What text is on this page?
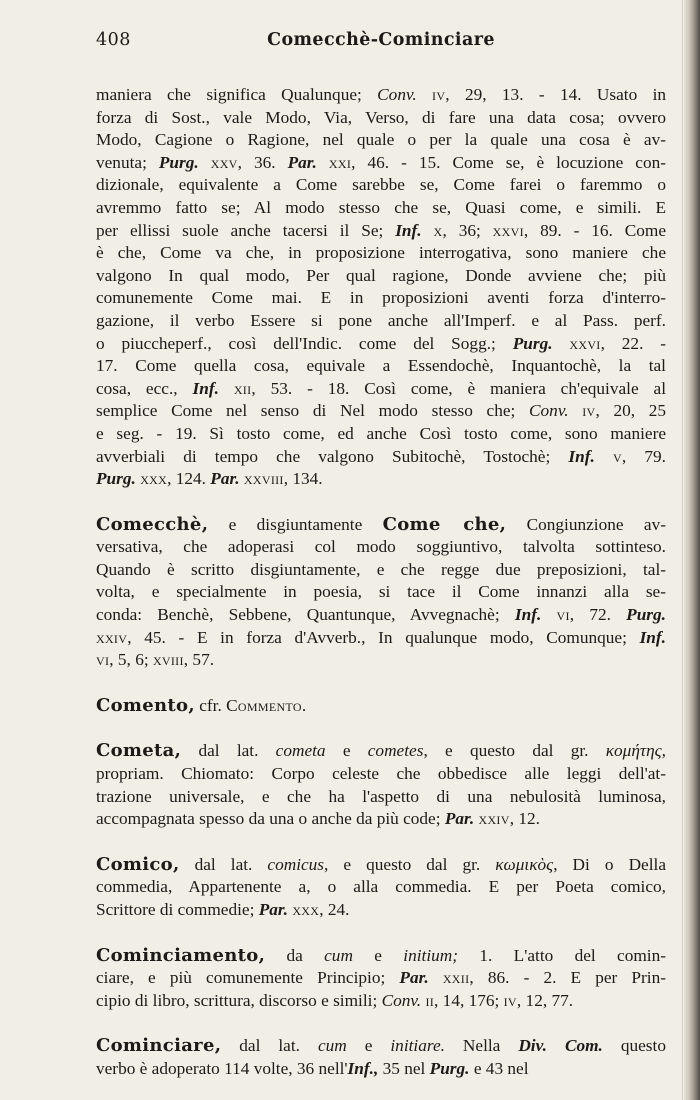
408	Comecchè-Cominciare
maniera che significa Qualunque; Conv. iv, 29, 13. - 14. Usato in
forza di Sost., vale Modo, Via, Verso, di fare una data cosa; ovvero
Modo, Cagione o Ragione, nel quale o per la quale una cosa è av-
venuta; Purg. xxv, 36. Par. xxi, 46. - 15. Come se, è locuzione con-
dizionale, equivalente a Come sarebbe se, Come farei o faremmo o
avremmo fatto se; Al modo stesso che se, Quasi come, e simili. E
per ellissi suole anche tacersi il Se; Inf. x, 36; xxvi, 89. - 16. Come
è che, Come va che, in proposizione interrogativa, sono maniere che
valgono In qual modo, Per qual ragione, Donde avviene che; più
comunemente Come mai. E in proposizioni aventi forza d'interro-
gazione, il verbo Essere si pone anche all'Imperf. e al Pass. perf.
o piuccheperf., così dell'Indic. come del Sogg.; Purg. xxvi, 22. -
17. Come quella cosa, equivale a Essendochè, Inquantochè, la tal
cosa, ecc., Inf. xii, 53. - 18. Così come, è maniera ch'equivale al
semplice Come nel senso di Nel modo stesso che; Conv. iv, 20, 25
e seg. - 19. Sì tosto come, ed anche Così tosto come, sono maniere
avverbiali di tempo che valgono Subitochè, Tostochè; Inf. v, 79.
Purg. xxx, 124. Par. xxviii, 134.
Comecchè, e disgiuntamente Come che, Congiunzione av-
versativa, che adoperasi col modo soggiuntivo, talvolta sottinteso.
Quando è scritto disgiuntamente, e che regge due preposizioni, tal-
volta, e specialmente in poesia, si tace il Come innanzi alla se-
conda: Benchè, Sebbene, Quantunque, Avvegnachè; Inf. vi, 72. Purg.
xxiv, 45. - E in forza d'Avverb., In qualunque modo, Comunque; Inf.
vi, 5, 6; xviii, 57.
Comento, cfr. Commento.
Cometa, dal lat. cometa e cometes, e questo dal gr. κομήτης,
propriam. Chiomato: Corpo celeste che obbedisce alle leggi dell'at-
trazione universale, e che ha l'aspetto di una nebulosità luminosa,
accompagnata spesso da una o anche da più code; Par. xxiv, 12.
Comico, dal lat. comicus, e questo dal gr. κωμικὸς, Di o Della
commedia, Appartenente a, o alla commedia. E per Poeta comico,
Scrittore di commedie; Par. xxx, 24.
Cominciamento, da cum e initium; 1. L'atto del comin-
ciare, e più comunemente Principio; Par. xxii, 86. - 2. E per Prin-
cipio di libro, scrittura, discorso e simili; Conv. ii, 14, 176; iv, 12, 77.
Cominciare, dal lat. cum e initiare. Nella Div. Com. questo
verbo è adoperato 114 volte, 36 nell'Inf., 35 nel Purg. e 43 nel
